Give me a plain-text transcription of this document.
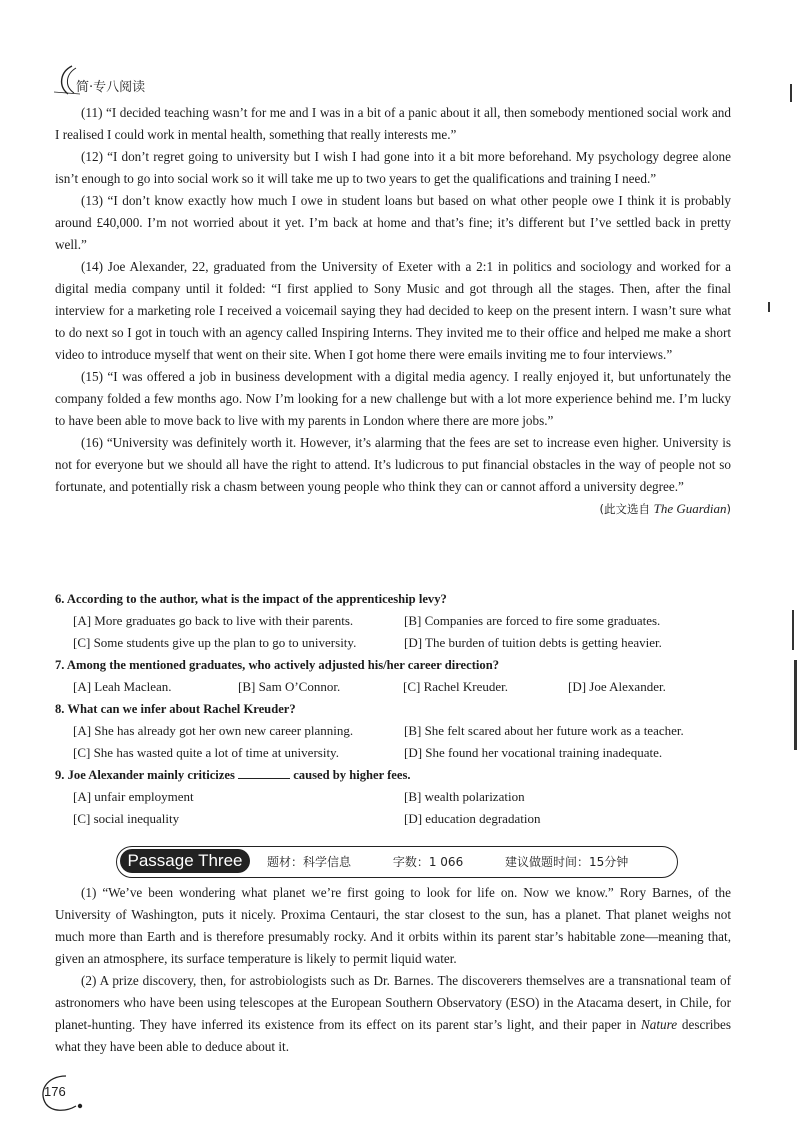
简·专八阅读

(11) “I decided teaching wasn’t for me and I was in a bit of a panic about it all, then somebody mentioned social work and I realised I could work in mental health, something that really interests me.”

(12) “I don’t regret going to university but I wish I had gone into it a bit more beforehand. My psychology degree alone isn’t enough to go into social work so it will take me up to two years to get the qualifications and training I need.”

(13) “I don’t know exactly how much I owe in student loans but based on what other people owe I think it is probably around £40,000. I’m not worried about it yet. I’m back at home and that’s fine; it’s different but I’ve settled back in pretty well.”

(14) Joe Alexander, 22, graduated from the University of Exeter with a 2:1 in politics and sociology and worked for a digital media company until it folded: “I first applied to Sony Music and got through all the stages. Then, after the final interview for a marketing role I received a voicemail saying they had decided to keep on the present intern. I wasn’t sure what to do next so I got in touch with an agency called Inspiring Interns. They invited me to their office and helped me make a short video to introduce myself that went on their site. When I got home there were emails inviting me to four interviews.”

(15) “I was offered a job in business development with a digital media agency. I really enjoyed it, but unfortunately the company folded a few months ago. Now I’m looking for a new challenge but with a lot more experience behind me. I’m lucky to have been able to move back to live with my parents in London where there are more jobs.”

(16) “University was definitely worth it. However, it’s alarming that the fees are set to increase even higher. University is not for everyone but we should all have the right to attend. It’s ludicrous to put financial obstacles in the way of people not so fortunate, and potentially risk a chasm between young people who think they can or cannot afford a university degree.”

(此文选自 The Guardian)

6. According to the author, what is the impact of the apprenticeship levy?

[A] More graduates go back to live with their parents.	[B] Companies are forced to fire some graduates.
[C] Some students give up the plan to go to university.	[D] The burden of tuition debts is getting heavier.

7. Among the mentioned graduates, who actively adjusted his/her career direction?

[A] Leah Maclean.	[B] Sam O’Connor.	[C] Rachel Kreuder.	[D] Joe Alexander.

8. What can we infer about Rachel Kreuder?

[A] She has already got her own new career planning.	[B] She felt scared about her future work as a teacher.
[C] She has wasted quite a lot of time at university.	[D] She found her vocational training inadequate.

9. Joe Alexander mainly criticizes	caused by higher fees.

[A] unfair employment	[B] wealth polarization
[C] social inequality	[D] education degradation
Passage Three	题材：科学信息	字数：1 066	建议做题时间：15分钟

(1) “We’ve been wondering what planet we’re first going to look for life on. Now we know.” Rory Barnes, of the University of Washington, puts it nicely. Proxima Centauri, the star closest to the sun, has a planet. That planet weighs not much more than Earth and is therefore presumably rocky. And it orbits within its parent star’s habitable zone—meaning that, given an atmosphere, its surface temperature is likely to permit liquid water.

(2) A prize discovery, then, for astrobiologists such as Dr. Barnes. The discoverers themselves are a transnational team of astronomers who have been using telescopes at the European Southern Observatory (ESO) in the Atacama desert, in Chile, for planet-hunting. They have inferred its existence from its effect on its parent star’s light, and their paper in Nature describes what they have been able to deduce about it.

176
